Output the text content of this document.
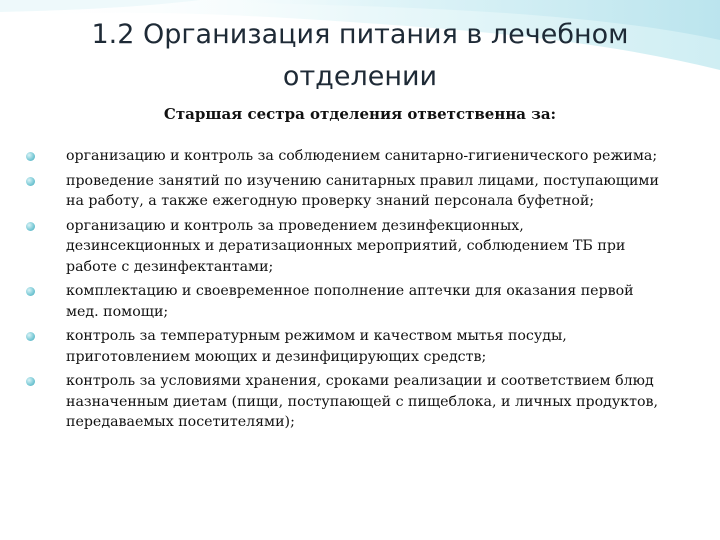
1.2 Организация питания в лечебном отделении

Старшая сестра отделения ответственна за:

организацию и контроль за соблюдением санитарно-гигиенического режима;
проведение занятий по изучению санитарных правил лицами, поступающими на работу, а также ежегодную проверку знаний персонала буфетной;
организацию и контроль за проведением дезинфекционных, дезинсекционных и дератизационных мероприятий, соблюдением ТБ при работе с дезинфектантами;
комплектацию и своевременное пополнение аптечки для оказания первой мед. помощи;
контроль за температурным режимом и качеством мытья посуды, приготовлением моющих и дезинфицирующих средств;
контроль за условиями хранения, сроками реализации и соответствием блюд назначенным диетам (пищи, поступающей с пищеблока, и личных продуктов, передаваемых посетителями);
